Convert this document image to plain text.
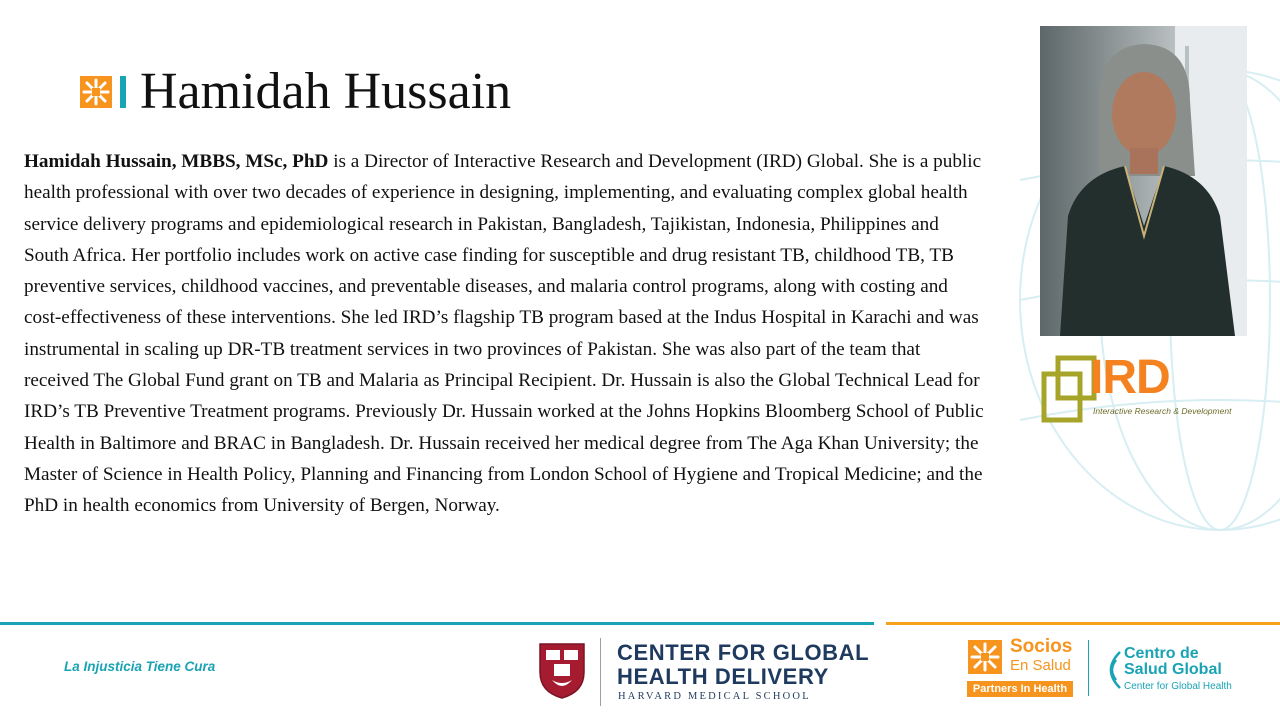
Hamidah Hussain

Hamidah Hussain, MBBS, MSc, PhD is a Director of Interactive Research and Development (IRD) Global. She is a public health professional with over two decades of experience in designing, implementing, and evaluating complex global health service delivery programs and epidemiological research in Pakistan, Bangladesh, Tajikistan, Indonesia, Philippines and South Africa. Her portfolio includes work on active case finding for susceptible and drug resistant TB, childhood TB, TB preventive services, childhood vaccines, and preventable diseases, and malaria control programs, along with costing and cost-effectiveness of these interventions. She led IRD’s flagship TB program based at the Indus Hospital in Karachi and was instrumental in scaling up DR-TB treatment services in two provinces of Pakistan. She was also part of the team that received The Global Fund grant on TB and Malaria as Principal Recipient. Dr. Hussain is also the Global Technical Lead for IRD’s TB Preventive Treatment programs. Previously Dr. Hussain worked at the Johns Hopkins Bloomberg School of Public Health in Baltimore and BRAC in Bangladesh. Dr. Hussain received her medical degree from The Aga Khan University; the Master of Science in Health Policy, Planning and Financing from London School of Hygiene and Tropical Medicine; and the PhD in health economics from University of Bergen, Norway.

IRD
Interactive Research & Development
La Injusticia Tiene Cura
CENTER FOR GLOBAL
HEALTH DELIVERY
HARVARD MEDICAL SCHOOL
Socios
En Salud
Partners In Health
Centro de
Salud Global
Center for Global Health
